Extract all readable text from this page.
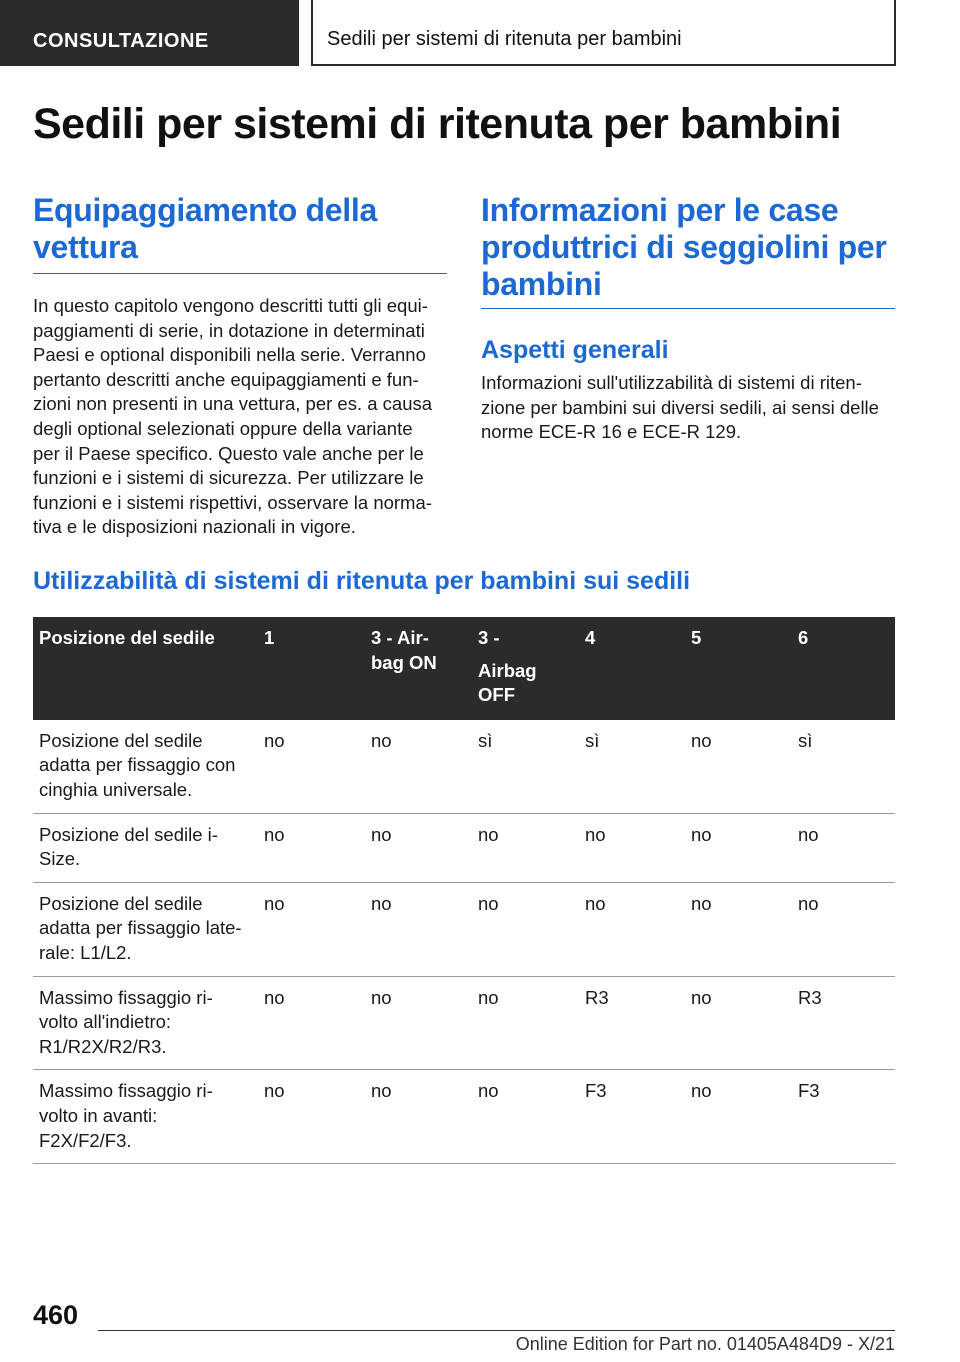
CONSULTAZIONE	Sedili per sistemi di ritenuta per bambini
Sedili per sistemi di ritenuta per bambini
Equipaggiamento della
vettura

In questo capitolo vengono descritti tutti gli equi-
paggiamenti di serie, in dotazione in determinati
Paesi e optional disponibili nella serie. Verranno
pertanto descritti anche equipaggiamenti e fun-
zioni non presenti in una vettura, per es. a causa
degli optional selezionati oppure della variante
per il Paese specifico. Questo vale anche per le
funzioni e i sistemi di sicurezza. Per utilizzare le
funzioni e i sistemi rispettivi, osservare la norma-
tiva e le disposizioni nazionali in vigore.

Informazioni per le case
produttrici di seggiolini per
bambini
Aspetti generali

Informazioni sull'utilizzabilità di sistemi di riten-
zione per bambini sui diversi sedili, ai sensi delle
norme ECE-R 16 e ECE-R 129.

Utilizzabilità di sistemi di ritenuta per bambini sui sedili
Posizione del sedile	1	3 - Air-
bag ON	3 -
Airbag
OFF	4	5	6
Posizione del sedile
adatta per fissaggio con
cinghia universale.	no	no	sì	sì	no	sì
Posizione del sedile i-
Size.	no	no	no	no	no	no
Posizione del sedile
adatta per fissaggio late-
rale: L1/L2.	no	no	no	no	no	no
Massimo fissaggio ri-
volto all'indietro:
R1/R2X/R2/R3.	no	no	no	R3	no	R3
Massimo fissaggio ri-
volto in avanti:
F2X/F2/F3.	no	no	no	F3	no	F3
460
Online Edition for Part no. 01405A484D9 - X/21
